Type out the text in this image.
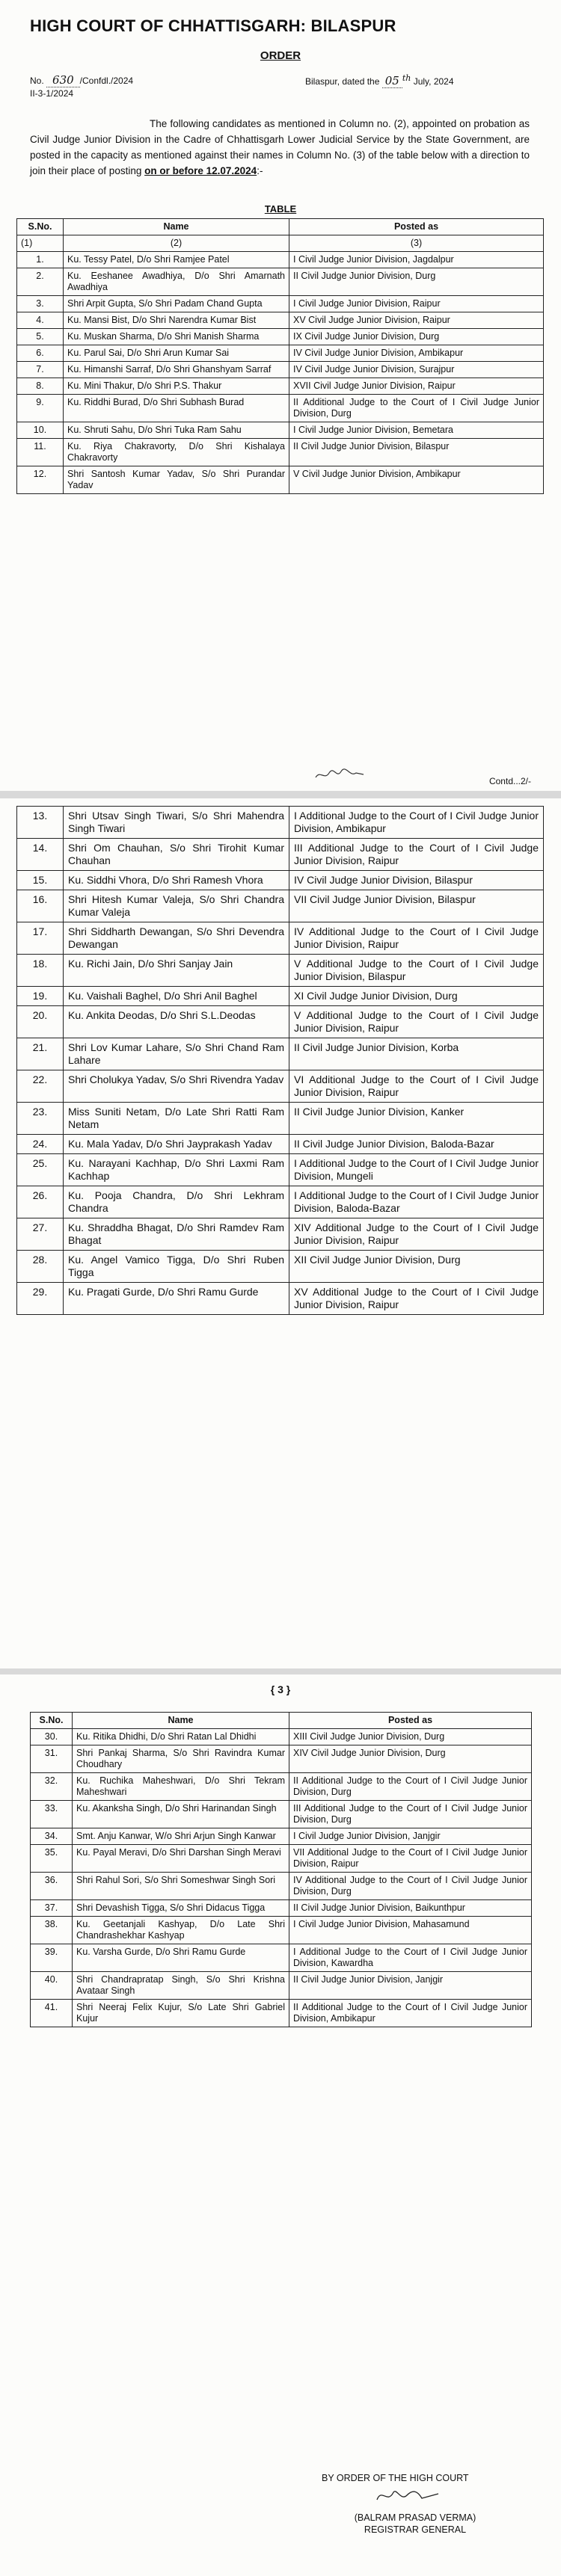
HIGH COURT OF CHHATTISGARH: BILASPUR
ORDER
No. 630 /Confdl./2024
II-3-1/2024
Bilaspur, dated the 05 $^{th}$ July, 2024
The following candidates as mentioned in Column no. (2), appointed on probation as Civil Judge Junior Division in the Cadre of Chhattisgarh Lower Judicial Service by the State Government, are posted in the capacity as mentioned against their names in Column No. (3) of the table below with a direction to join their place of posting on or before 12.07.2024:-
TABLE
S.No.	Name	Posted as
(1)	(2)	(3)
1.	Ku. Tessy Patel, D/o Shri Ramjee Patel	I Civil Judge Junior Division, Jagdalpur
2.	Ku. Eeshanee Awadhiya, D/o Shri Amarnath Awadhiya	II Civil Judge Junior Division, Durg
3.	Shri Arpit Gupta, S/o Shri Padam Chand Gupta	I Civil Judge Junior Division, Raipur
4.	Ku. Mansi Bist, D/o Shri Narendra Kumar Bist	XV Civil Judge Junior Division, Raipur
5.	Ku. Muskan Sharma, D/o Shri Manish Sharma	IX Civil Judge Junior Division, Durg
6.	Ku. Parul Sai, D/o Shri Arun Kumar Sai	IV Civil Judge Junior Division, Ambikapur
7.	Ku. Himanshi Sarraf, D/o Shri Ghanshyam Sarraf	IV Civil Judge Junior Division, Surajpur
8.	Ku. Mini Thakur, D/o Shri P.S. Thakur	XVII Civil Judge Junior Division, Raipur
9.	Ku. Riddhi Burad, D/o Shri Subhash Burad	II Additional Judge to the Court of I Civil Judge Junior Division, Durg
10.	Ku. Shruti Sahu, D/o Shri Tuka Ram Sahu	I Civil Judge Junior Division, Bemetara
11.	Ku. Riya Chakravorty, D/o Shri Kishalaya Chakravorty	II Civil Judge Junior Division, Bilaspur
12.	Shri Santosh Kumar Yadav, S/o Shri Purandar Yadav	V Civil Judge Junior Division, Ambikapur
Contd...2/-
13.	Shri Utsav Singh Tiwari, S/o Shri Mahendra Singh Tiwari	I Additional Judge to the Court of I Civil Judge Junior Division, Ambikapur
14.	Shri Om Chauhan, S/o Shri Tirohit Kumar Chauhan	III Additional Judge to the Court of I Civil Judge Junior Division, Raipur
15.	Ku. Siddhi Vhora, D/o Shri Ramesh Vhora	IV Civil Judge Junior Division, Bilaspur
16.	Shri Hitesh Kumar Valeja, S/o Shri Chandra Kumar Valeja	VII Civil Judge Junior Division, Bilaspur
17.	Shri Siddharth Dewangan, S/o Shri Devendra Dewangan	IV Additional Judge to the Court of I Civil Judge Junior Division, Raipur
18.	Ku. Richi Jain, D/o Shri Sanjay Jain	V Additional Judge to the Court of I Civil Judge Junior Division, Bilaspur
19.	Ku. Vaishali Baghel, D/o Shri Anil Baghel	XI Civil Judge Junior Division, Durg
20.	Ku. Ankita Deodas, D/o Shri S.L.Deodas	V Additional Judge to the Court of I Civil Judge Junior Division, Raipur
21.	Shri Lov Kumar Lahare, S/o Shri Chand Ram Lahare	II Civil Judge Junior Division, Korba
22.	Shri Cholukya Yadav, S/o Shri Rivendra Yadav	VI Additional Judge to the Court of I Civil Judge Junior Division, Raipur
23.	Miss Suniti Netam, D/o Late Shri Ratti Ram Netam	II Civil Judge Junior Division, Kanker
24.	Ku. Mala Yadav, D/o Shri Jayprakash Yadav	II Civil Judge Junior Division, Baloda-Bazar
25.	Ku. Narayani Kachhap, D/o Shri Laxmi Ram Kachhap	I Additional Judge to the Court of I Civil Judge Junior Division, Mungeli
26.	Ku. Pooja Chandra, D/o Shri Lekhram Chandra	I Additional Judge to the Court of I Civil Judge Junior Division, Baloda-Bazar
27.	Ku. Shraddha Bhagat, D/o Shri Ramdev Ram Bhagat	XIV Additional Judge to the Court of I Civil Judge Junior Division, Raipur
28.	Ku. Angel Vamico Tigga, D/o Shri Ruben Tigga	XII Civil Judge Junior Division, Durg
29.	Ku. Pragati Gurde, D/o Shri Ramu Gurde	XV Additional Judge to the Court of I Civil Judge Junior Division, Raipur
{ 3 }
S.No.	Name	Posted as
30.	Ku. Ritika Dhidhi, D/o Shri Ratan Lal Dhidhi	XIII Civil Judge Junior Division, Durg
31.	Shri Pankaj Sharma, S/o Shri Ravindra Kumar Choudhary	XIV Civil Judge Junior Division, Durg
32.	Ku. Ruchika Maheshwari, D/o Shri Tekram Maheshwari	II Additional Judge to the Court of I Civil Judge Junior Division, Durg
33.	Ku. Akanksha Singh, D/o Shri Harinandan Singh	III Additional Judge to the Court of I Civil Judge Junior Division, Durg
34.	Smt. Anju Kanwar, W/o Shri Arjun Singh Kanwar	I Civil Judge Junior Division, Janjgir
35.	Ku. Payal Meravi, D/o Shri Darshan Singh Meravi	VII Additional Judge to the Court of I Civil Judge Junior Division, Raipur
36.	Shri Rahul Sori, S/o Shri Someshwar Singh Sori	IV Additional Judge to the Court of I Civil Judge Junior Division, Durg
37.	Shri Devashish Tigga, S/o Shri Didacus Tigga	II Civil Judge Junior Division, Baikunthpur
38.	Ku. Geetanjali Kashyap, D/o Late Shri Chandrashekhar Kashyap	I Civil Judge Junior Division, Mahasamund
39.	Ku. Varsha Gurde, D/o Shri Ramu Gurde	I Additional Judge to the Court of I Civil Judge Junior Division, Kawardha
40.	Shri Chandrapratap Singh, S/o Shri Krishna Avataar Singh	II Civil Judge Junior Division, Janjgir
41.	Shri Neeraj Felix Kujur, S/o Late Shri Gabriel Kujur	II Additional Judge to the Court of I Civil Judge Junior Division, Ambikapur
BY ORDER OF THE HIGH COURT
(BALRAM PRASAD VERMA)
REGISTRAR GENERAL
